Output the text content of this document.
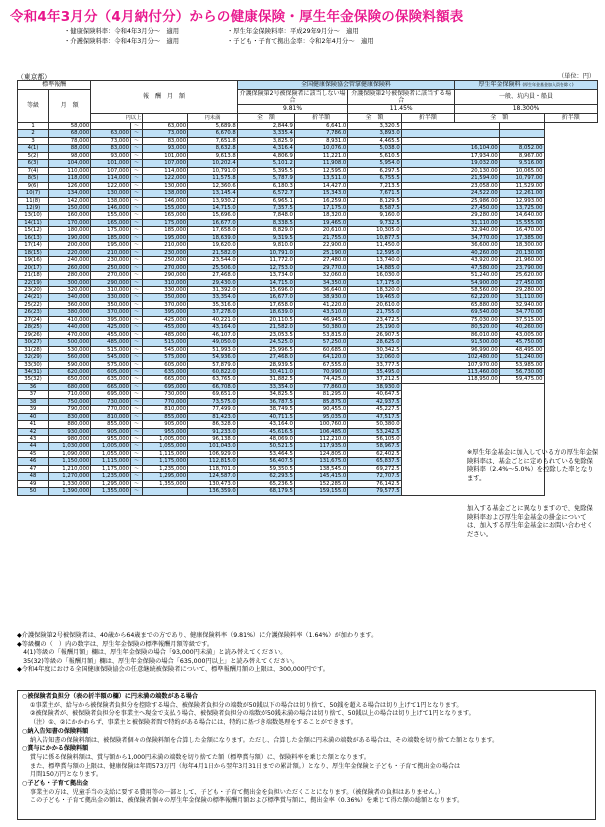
令和4年3月分（4月納付分）からの健康保険・厚生年金保険の保険料額表
・健康保険料率：令和4年3月分～　適用	・厚生年金保険料率：平成29年9月分～　適用
・介護保険料率：令和4年3月分～　適用	・子ども・子育て拠出金率：令和2年4月分～　適用
（東京都）	（単位：円）
標準報酬		報　酬　月　額				全国健康保険協会管掌健康保険料				厚生年金保険料 (厚生年金基金加入員を除く)		
等級	月　額					介護保険第2号被保険者に該当しない場合		介護保険第2号被保険者に該当する場合		一般、坑内員・船員		
						9.81%		11.45%		18.300%		
		円以上			円未満	全　額	折半額	全　額	折半額	全　額		折半額
1	58,000		～	63,000	5,689.8	2,844.9	6,641.0	3,320.5				
2	68,000	63,000	～	73,000	6,670.8	3,335.4	7,786.0	3,893.0				
3	78,000	73,000	～	83,000	7,651.8	3,825.9	8,931.0	4,465.5				
4(1)	88,000	83,000	～	93,000	8,632.8	4,316.4	10,076.0	5,038.0	16,104.00		8,052.00	
5(2)	98,000	93,000	～	101,000	9,613.8	4,806.9	11,221.0	5,610.5	17,934.00		8,967.00	
6(3)	104,000	101,000	～	107,000	10,202.4	5,101.2	11,908.0	5,954.0	19,032.00		9,516.00	
7(4)	110,000	107,000	～	114,000	10,791.0	5,395.5	12,595.0	6,297.5	20,130.00		10,065.00	
8(5)	118,000	114,000	～	122,000	11,575.8	5,787.9	13,511.0	6,755.5	21,594.00		10,797.00	
9(6)	126,000	122,000	～	130,000	12,360.6	6,180.3	14,427.0	7,213.5	23,058.00		11,529.00	
10(7)	134,000	130,000	～	138,000	13,145.4	6,572.7	15,343.0	7,671.5	24,522.00		12,261.00	
11(8)	142,000	138,000	～	146,000	13,930.2	6,965.1	16,259.0	8,129.5	25,986.00		12,993.00	
12(9)	150,000	146,000	～	155,000	14,715.0	7,357.5	17,175.0	8,587.5	27,450.00		13,725.00	
13(10)	160,000	155,000	～	165,000	15,696.0	7,848.0	18,320.0	9,160.0	29,280.00		14,640.00	
14(11)	170,000	165,000	～	175,000	16,677.0	8,338.5	19,465.0	9,732.5	31,110.00		15,555.00	
15(12)	180,000	175,000	～	185,000	17,658.0	8,829.0	20,610.0	10,305.0	32,940.00		16,470.00	
16(13)	190,000	185,000	～	195,000	18,639.0	9,319.5	21,755.0	10,877.5	34,770.00		17,385.00	
17(14)	200,000	195,000	～	210,000	19,620.0	9,810.0	22,900.0	11,450.0	36,600.00		18,300.00	
18(15)	220,000	210,000	～	230,000	21,582.0	10,791.0	25,190.0	12,595.0	40,260.00		20,130.00	
19(16)	240,000	230,000	～	250,000	23,544.0	11,772.0	27,480.0	13,740.0	43,920.00		21,960.00	
20(17)	260,000	250,000	～	270,000	25,506.0	12,753.0	29,770.0	14,885.0	47,580.00		23,790.00	
21(18)	280,000	270,000	～	290,000	27,468.0	13,734.0	32,060.0	16,030.0	51,240.00		25,620.00	
22(19)	300,000	290,000	～	310,000	29,430.0	14,715.0	34,350.0	17,175.0	54,900.00		27,450.00	
23(20)	320,000	310,000	～	330,000	31,392.0	15,696.0	36,640.0	18,320.0	58,560.00		29,280.00	
24(21)	340,000	330,000	～	350,000	33,354.0	16,677.0	38,930.0	19,465.0	62,220.00		31,110.00	
25(22)	360,000	350,000	～	370,000	35,316.0	17,658.0	41,220.0	20,610.0	65,880.00		32,940.00	
26(23)	380,000	370,000	～	395,000	37,278.0	18,639.0	43,510.0	21,755.0	69,540.00		34,770.00	
27(24)	410,000	395,000	～	425,000	40,221.0	20,110.5	46,945.0	23,472.5	75,030.00		37,515.00	
28(25)	440,000	425,000	～	455,000	43,164.0	21,582.0	50,380.0	25,190.0	80,520.00		40,260.00	
29(26)	470,000	455,000	～	485,000	46,107.0	23,053.5	53,815.0	26,907.5	86,010.00		43,005.00	
30(27)	500,000	485,000	～	515,000	49,050.0	24,525.0	57,250.0	28,625.0	91,500.00		45,750.00	
31(28)	530,000	515,000	～	545,000	51,993.0	25,996.5	60,685.0	30,342.5	96,990.00		48,495.00	
32(29)	560,000	545,000	～	575,000	54,936.0	27,468.0	64,120.0	32,060.0	102,480.00		51,240.00	
33(30)	590,000	575,000	～	605,000	57,879.0	28,939.5	67,555.0	33,777.5	107,970.00		53,985.00	
34(31)	620,000	605,000	～	635,000	60,822.0	30,411.0	70,990.0	35,495.0	113,460.00		56,730.00	
35(32)	650,000	635,000	～	665,000	63,765.0	31,882.5	74,425.0	37,212.5	118,950.00		59,475.00	
36	680,000	665,000	～	695,000	66,708.0	33,354.0	77,860.0	38,930.0				
37	710,000	695,000	～	730,000	69,651.0	34,825.5	81,295.0	40,647.5				
38	750,000	730,000	～	770,000	73,575.0	36,787.5	85,875.0	42,937.5				
39	790,000	770,000	～	810,000	77,499.0	38,749.5	90,455.0	45,227.5				
40	830,000	810,000	～	855,000	81,423.0	40,711.5	95,035.0	47,517.5				
41	880,000	855,000	～	905,000	86,328.0	43,164.0	100,760.0	50,380.0				
42	930,000	905,000	～	955,000	91,233.0	45,616.5	106,485.0	53,242.5				
43	980,000	955,000	～	1,005,000	96,138.0	48,069.0	112,210.0	56,105.0				
44	1,030,000	1,005,000	～	1,055,000	101,043.0	50,521.5	117,935.0	58,967.5				
45	1,090,000	1,055,000	～	1,115,000	106,929.0	53,464.5	124,805.0	62,402.5				
46	1,150,000	1,115,000	～	1,175,000	112,815.0	56,407.5	131,675.0	65,837.5				
47	1,210,000	1,175,000	～	1,235,000	118,701.0	59,350.5	138,545.0	69,272.5				
48	1,270,000	1,235,000	～	1,295,000	124,587.0	62,293.5	145,415.0	72,707.5				
49	1,330,000	1,295,000	～	1,355,000	130,473.0	65,236.5	152,285.0	76,142.5				
50	1,390,000	1,355,000	～		136,359.0	68,179.5	159,155.0	79,577.5				
※厚生年金基金に加入している方の厚生年金保険料率は、基金ごとに定められている免除保険料率（2.4%～5.0%）を控除した率となります。
加入する基金ごとに異なりますので、免除保険料率および厚生年金基金の掛金については、加入する厚生年金基金にお問い合わせください。
◆介護保険第2号被保険者は、40歳から64歳までの方であり、健康保険料率（9.81%）に介護保険料率（1.64%）が加わります。
◆等級欄の（　）内の数字は、厚生年金保険の標準報酬月額等級です。
　4(1)等級の「報酬月額」欄は、厚生年金保険の場合「93,000円未満」と読み替えてください。
　35(32)等級の「報酬月額」欄は、厚生年金保険の場合「635,000円以上」と読み替えてください。
◆令和4年度における全国健康保険協会の任意継続被保険者について、標準報酬月額の上限は、300,000円です。
○被保険者負担分（表の折半額の欄）に円未満の端数がある場合
①事業主が、給与から被保険者負担分を控除する場合、被保険者負担分の端数が50銭以下の場合は切り捨て、50銭を超える場合は切り上げて1円となります。
②被保険者が、被保険者負担分を事業主へ現金で支払う場合、被保険者負担分の端数が50銭未満の場合は切り捨て、50銭以上の場合は切り上げて1円となります。
（注）①、②にかかわらず、事業主と被保険者間で特約がある場合には、特約に基づき端数処理をすることができます。
○納入告知書の保険料額
納入告知書の保険料額は、被保険者個々の保険料額を合算した金額になります。ただし、合算した金額に円未満の端数がある場合は、その端数を切り捨てた額となります。
○賞与にかかる保険料額
賞与に係る保険料額は、賞与額から1,000円未満の端数を切り捨てた額（標準賞与額）に、保険料率を乗じた額となります。
また、標準賞与額の上限は、健康保険は年間573万円（毎年4月1日から翌年3月31日までの累計額。）となり、厚生年金保険と子ども・子育て拠出金の場合は
月間150万円となります。
○子ども・子育て拠出金
事業主の方は、児童手当の支給に要する費用等の一部として、子ども・子育て拠出金を負担いただくことになります。（被保険者の負担はありません。）
この子ども・子育て拠出金の額は、被保険者個々の厚生年金保険の標準報酬月額および標準賞与額に、拠出金率（0.36%）を乗じて得た額の総額となります。
